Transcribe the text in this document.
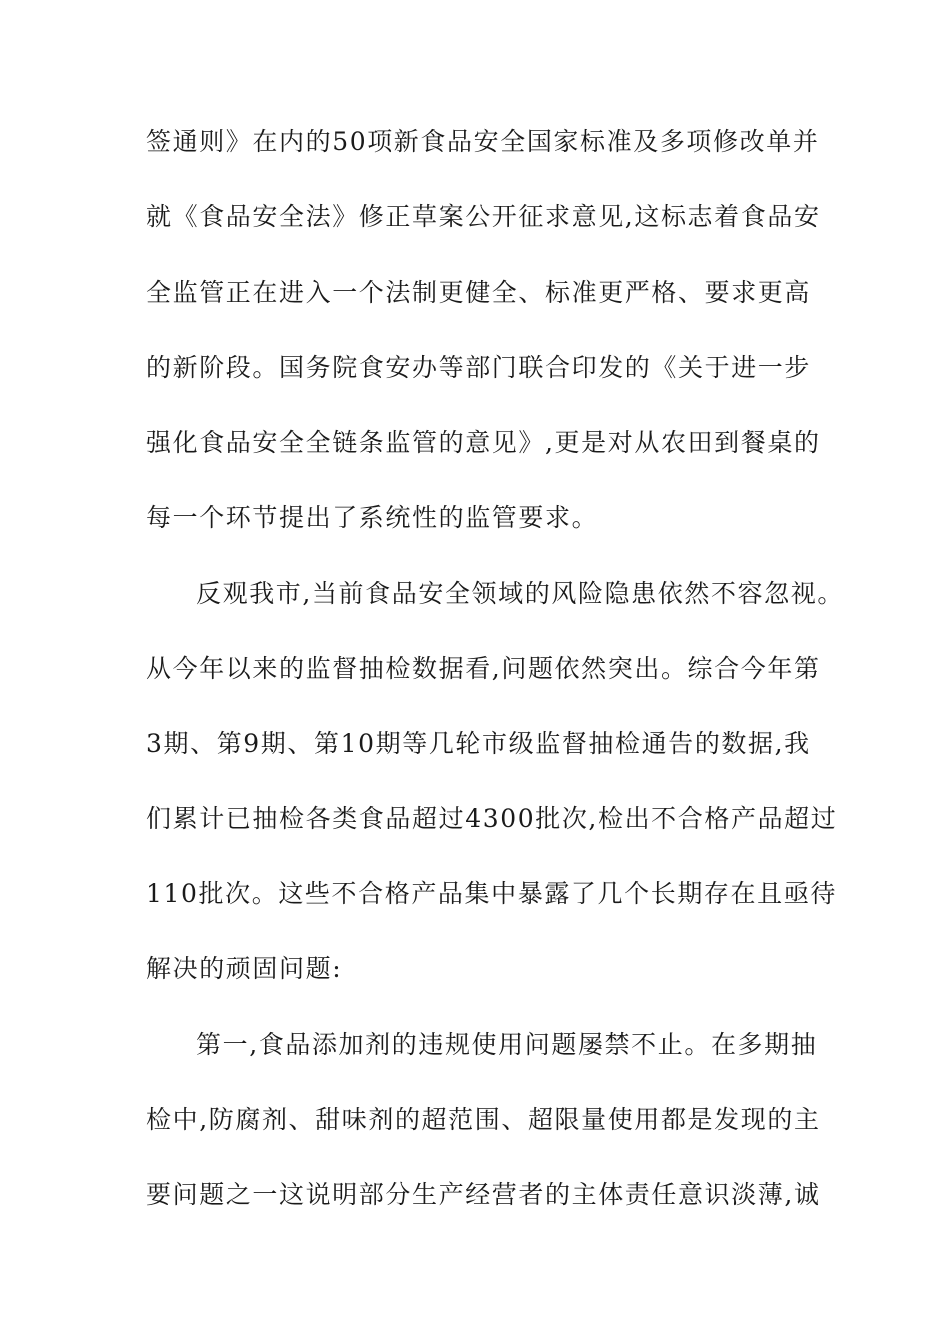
签通则》在内的50项新食品安全国家标准及多项修改单并
就《食品安全法》修正草案公开征求意见,这标志着食品安
全监管正在进入一个法制更健全、标准更严格、要求更高
的新阶段。国务院食安办等部门联合印发的《关于进一步
强化食品安全全链条监管的意见》,更是对从农田到餐桌的
每一个环节提出了系统性的监管要求。
反观我市,当前食品安全领域的风险隐患依然不容忽视。
从今年以来的监督抽检数据看,问题依然突出。综合今年第
3期、第9期、第10期等几轮市级监督抽检通告的数据,我
们累计已抽检各类食品超过4300批次,检出不合格产品超过
110批次。这些不合格产品集中暴露了几个长期存在且亟待
解决的顽固问题:
第一,食品添加剂的违规使用问题屡禁不止。在多期抽
检中,防腐剂、甜味剂的超范围、超限量使用都是发现的主
要问题之一这说明部分生产经营者的主体责任意识淡薄,诚
